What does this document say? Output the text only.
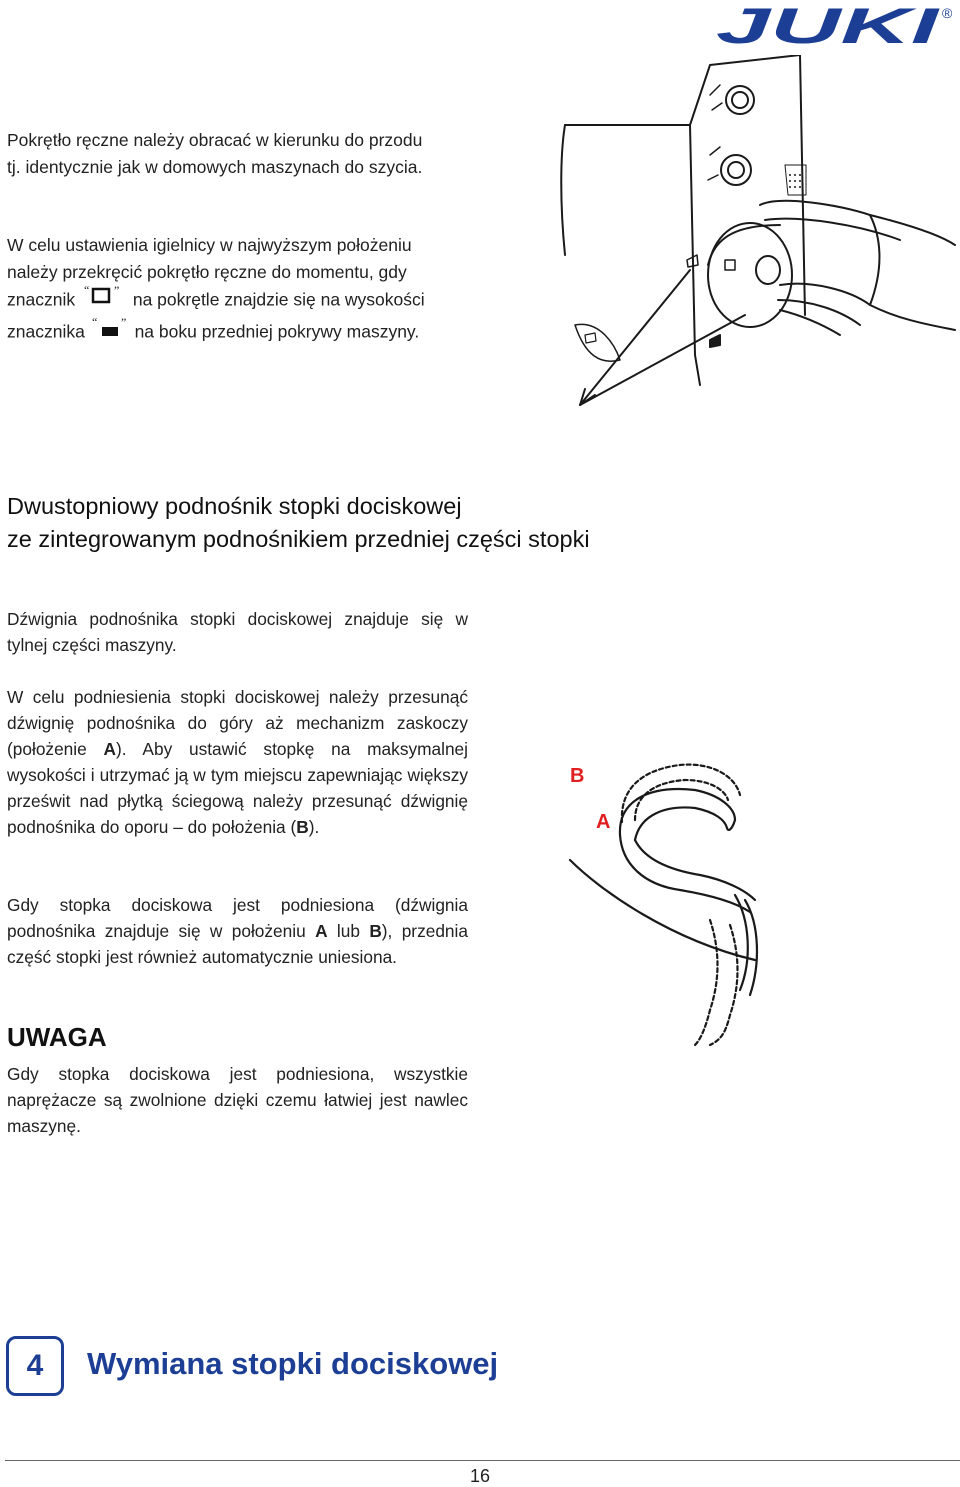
JUKI ®
Pokrętło ręczne należy obracać w kierunku do przodu
tj. identycznie jak w domowych maszynach do szycia.
W celu ustawienia igielnicy w najwyższym położeniu
należy przekręcić pokrętło ręczne do momentu, gdy
znacznik “ ” na pokrętle znajdzie się na wysokości
znacznika “ ” na boku przedniej pokrywy maszyny.
Dwustopniowy podnośnik stopki dociskowej
ze zintegrowanym podnośnikiem przedniej części stopki
Dźwignia podnośnika stopki dociskowej znajduje się w tylnej części maszyny.
W celu podniesienia stopki dociskowej należy przesunąć dźwignię podnośnika do góry aż mechanizm zaskoczy (położenie A). Aby ustawić stopkę na maksymalnej wysokości i utrzymać ją w tym miejscu zapewniając większy prześwit nad płytką ściegową należy przesunąć dźwignię podnośnika do oporu – do położenia (B).
Gdy stopka dociskowa jest podniesiona (dźwignia podnośnika znajduje się w położeniu A lub B), przednia część stopki jest również automatycznie uniesiona.
B
A
UWAGA
Gdy stopka dociskowa jest podniesiona, wszystkie naprężacze są zwolnione dzięki czemu łatwiej jest nawlec maszynę.
4	Wymiana stopki dociskowej
16
